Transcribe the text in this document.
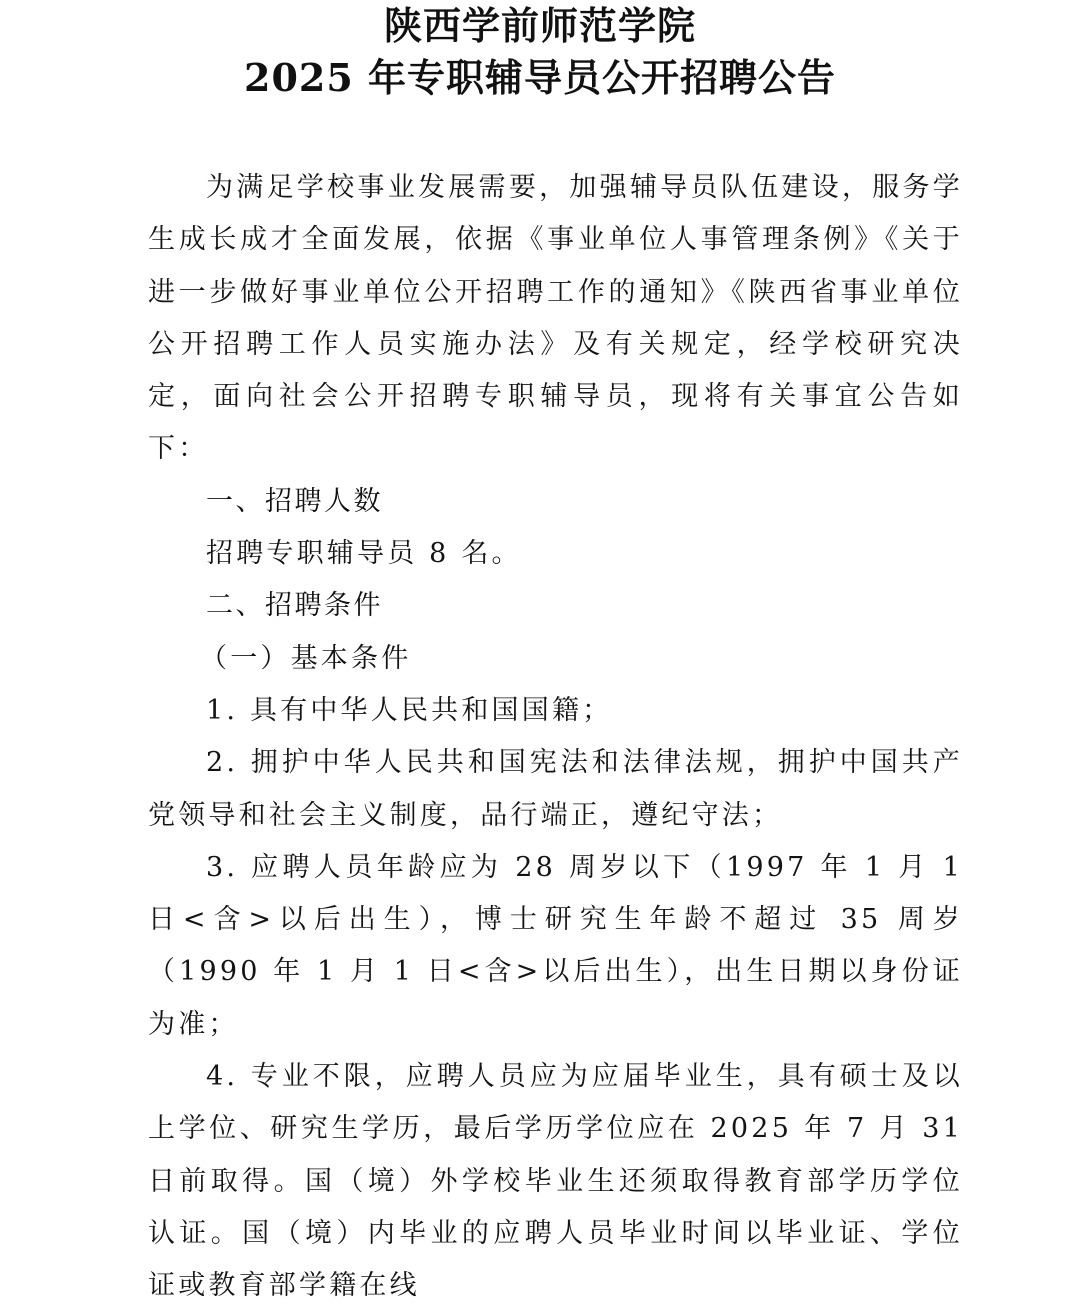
陕西学前师范学院
2025 年专职辅导员公开招聘公告

为满足学校事业发展需要，加强辅导员队伍建设，服务学生成长成才全面发展，依据《事业单位人事管理条例》《关于进一步做好事业单位公开招聘工作的通知》《陕西省事业单位公开招聘工作人员实施办法》及有关规定，经学校研究决定，面向社会公开招聘专职辅导员，现将有关事宜公告如下：

一、招聘人数

招聘专职辅导员 8 名。

二、招聘条件

（一）基本条件

1. 具有中华人民共和国国籍；

2. 拥护中华人民共和国宪法和法律法规，拥护中国共产党领导和社会主义制度，品行端正，遵纪守法；

3. 应聘人员年龄应为 28 周岁以下（1997 年 1 月 1 日<含>以后出生），博士研究生年龄不超过 35 周岁（1990 年 1 月 1 日<含>以后出生），出生日期以身份证为准；

4. 专业不限，应聘人员应为应届毕业生，具有硕士及以上学位、研究生学历，最后学历学位应在 2025 年 7 月 31 日前取得。国（境）外学校毕业生还须取得教育部学历学位认证。国（境）内毕业的应聘人员毕业时间以毕业证、学位证或教育部学籍在线
